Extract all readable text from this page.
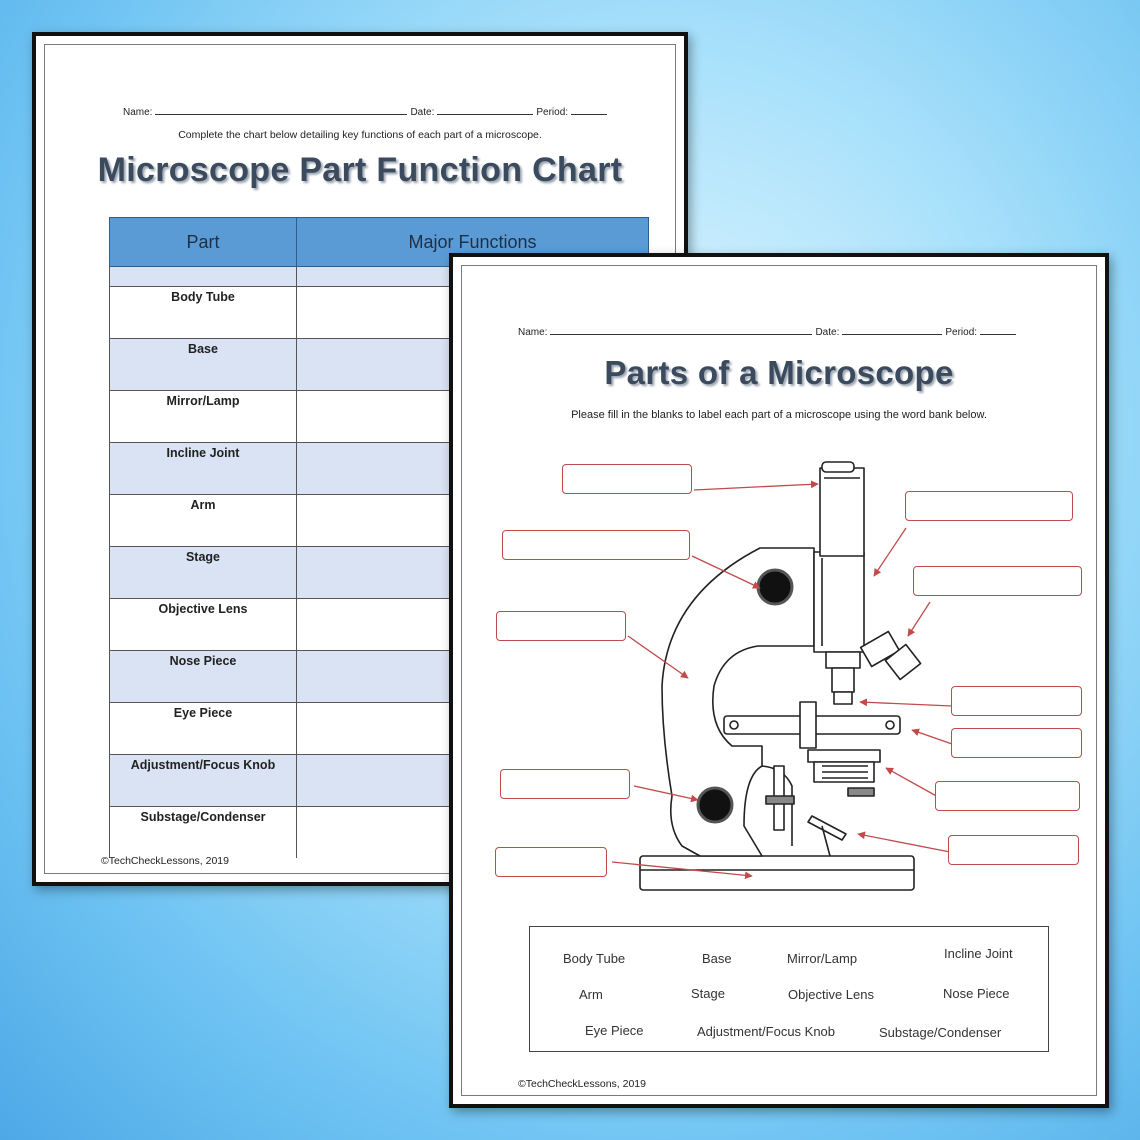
Name:	Date:	Period:
Complete the chart below detailing key functions of each part of a microscope.
Microscope Part Function Chart
Part	Major Functions

Body Tube	
Base	
Mirror/Lamp	
Incline Joint	
Arm	
Stage	
Objective Lens	
Nose Piece	
Eye Piece	
Adjustment/Focus Knob	
Substage/Condenser	
©TechCheckLessons, 2019
Name:	Date:	Period:
Parts of a Microscope
Please fill in the blanks to label each part of a microscope using the word bank below.
Body Tube	Base	Mirror/Lamp	Incline Joint
Arm	Stage	Objective Lens	Nose Piece
Eye Piece	Adjustment/Focus Knob	Substage/Condenser
©TechCheckLessons, 2019
